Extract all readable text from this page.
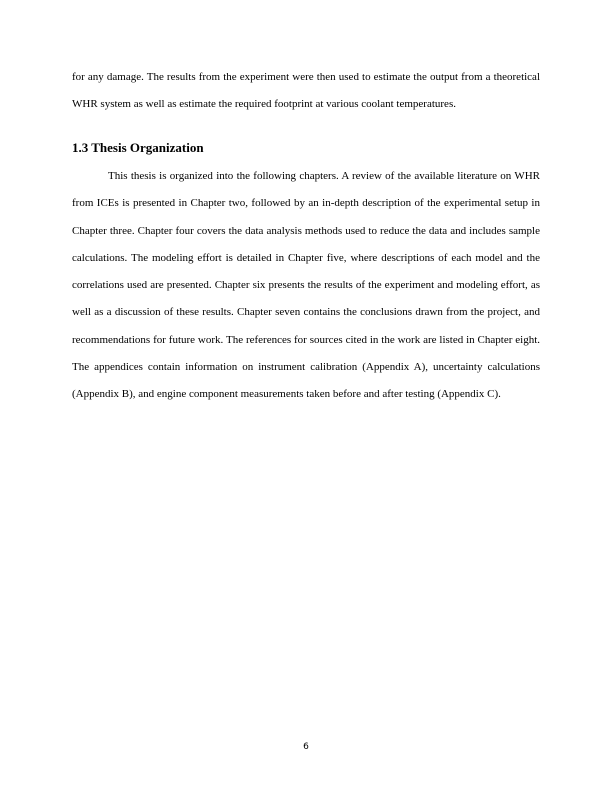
for any damage. The results from the experiment were then used to estimate the output from a theoretical WHR system as well as estimate the required footprint at various coolant temperatures.

1.3 Thesis Organization

This thesis is organized into the following chapters. A review of the available literature on WHR from ICEs is presented in Chapter two, followed by an in-depth description of the experimental setup in Chapter three. Chapter four covers the data analysis methods used to reduce the data and includes sample calculations. The modeling effort is detailed in Chapter five, where descriptions of each model and the correlations used are presented. Chapter six presents the results of the experiment and modeling effort, as well as a discussion of these results. Chapter seven contains the conclusions drawn from the project, and recommendations for future work. The references for sources cited in the work are listed in Chapter eight. The appendices contain information on instrument calibration (Appendix A), uncertainty calculations (Appendix B), and engine component measurements taken before and after testing (Appendix C).

6
